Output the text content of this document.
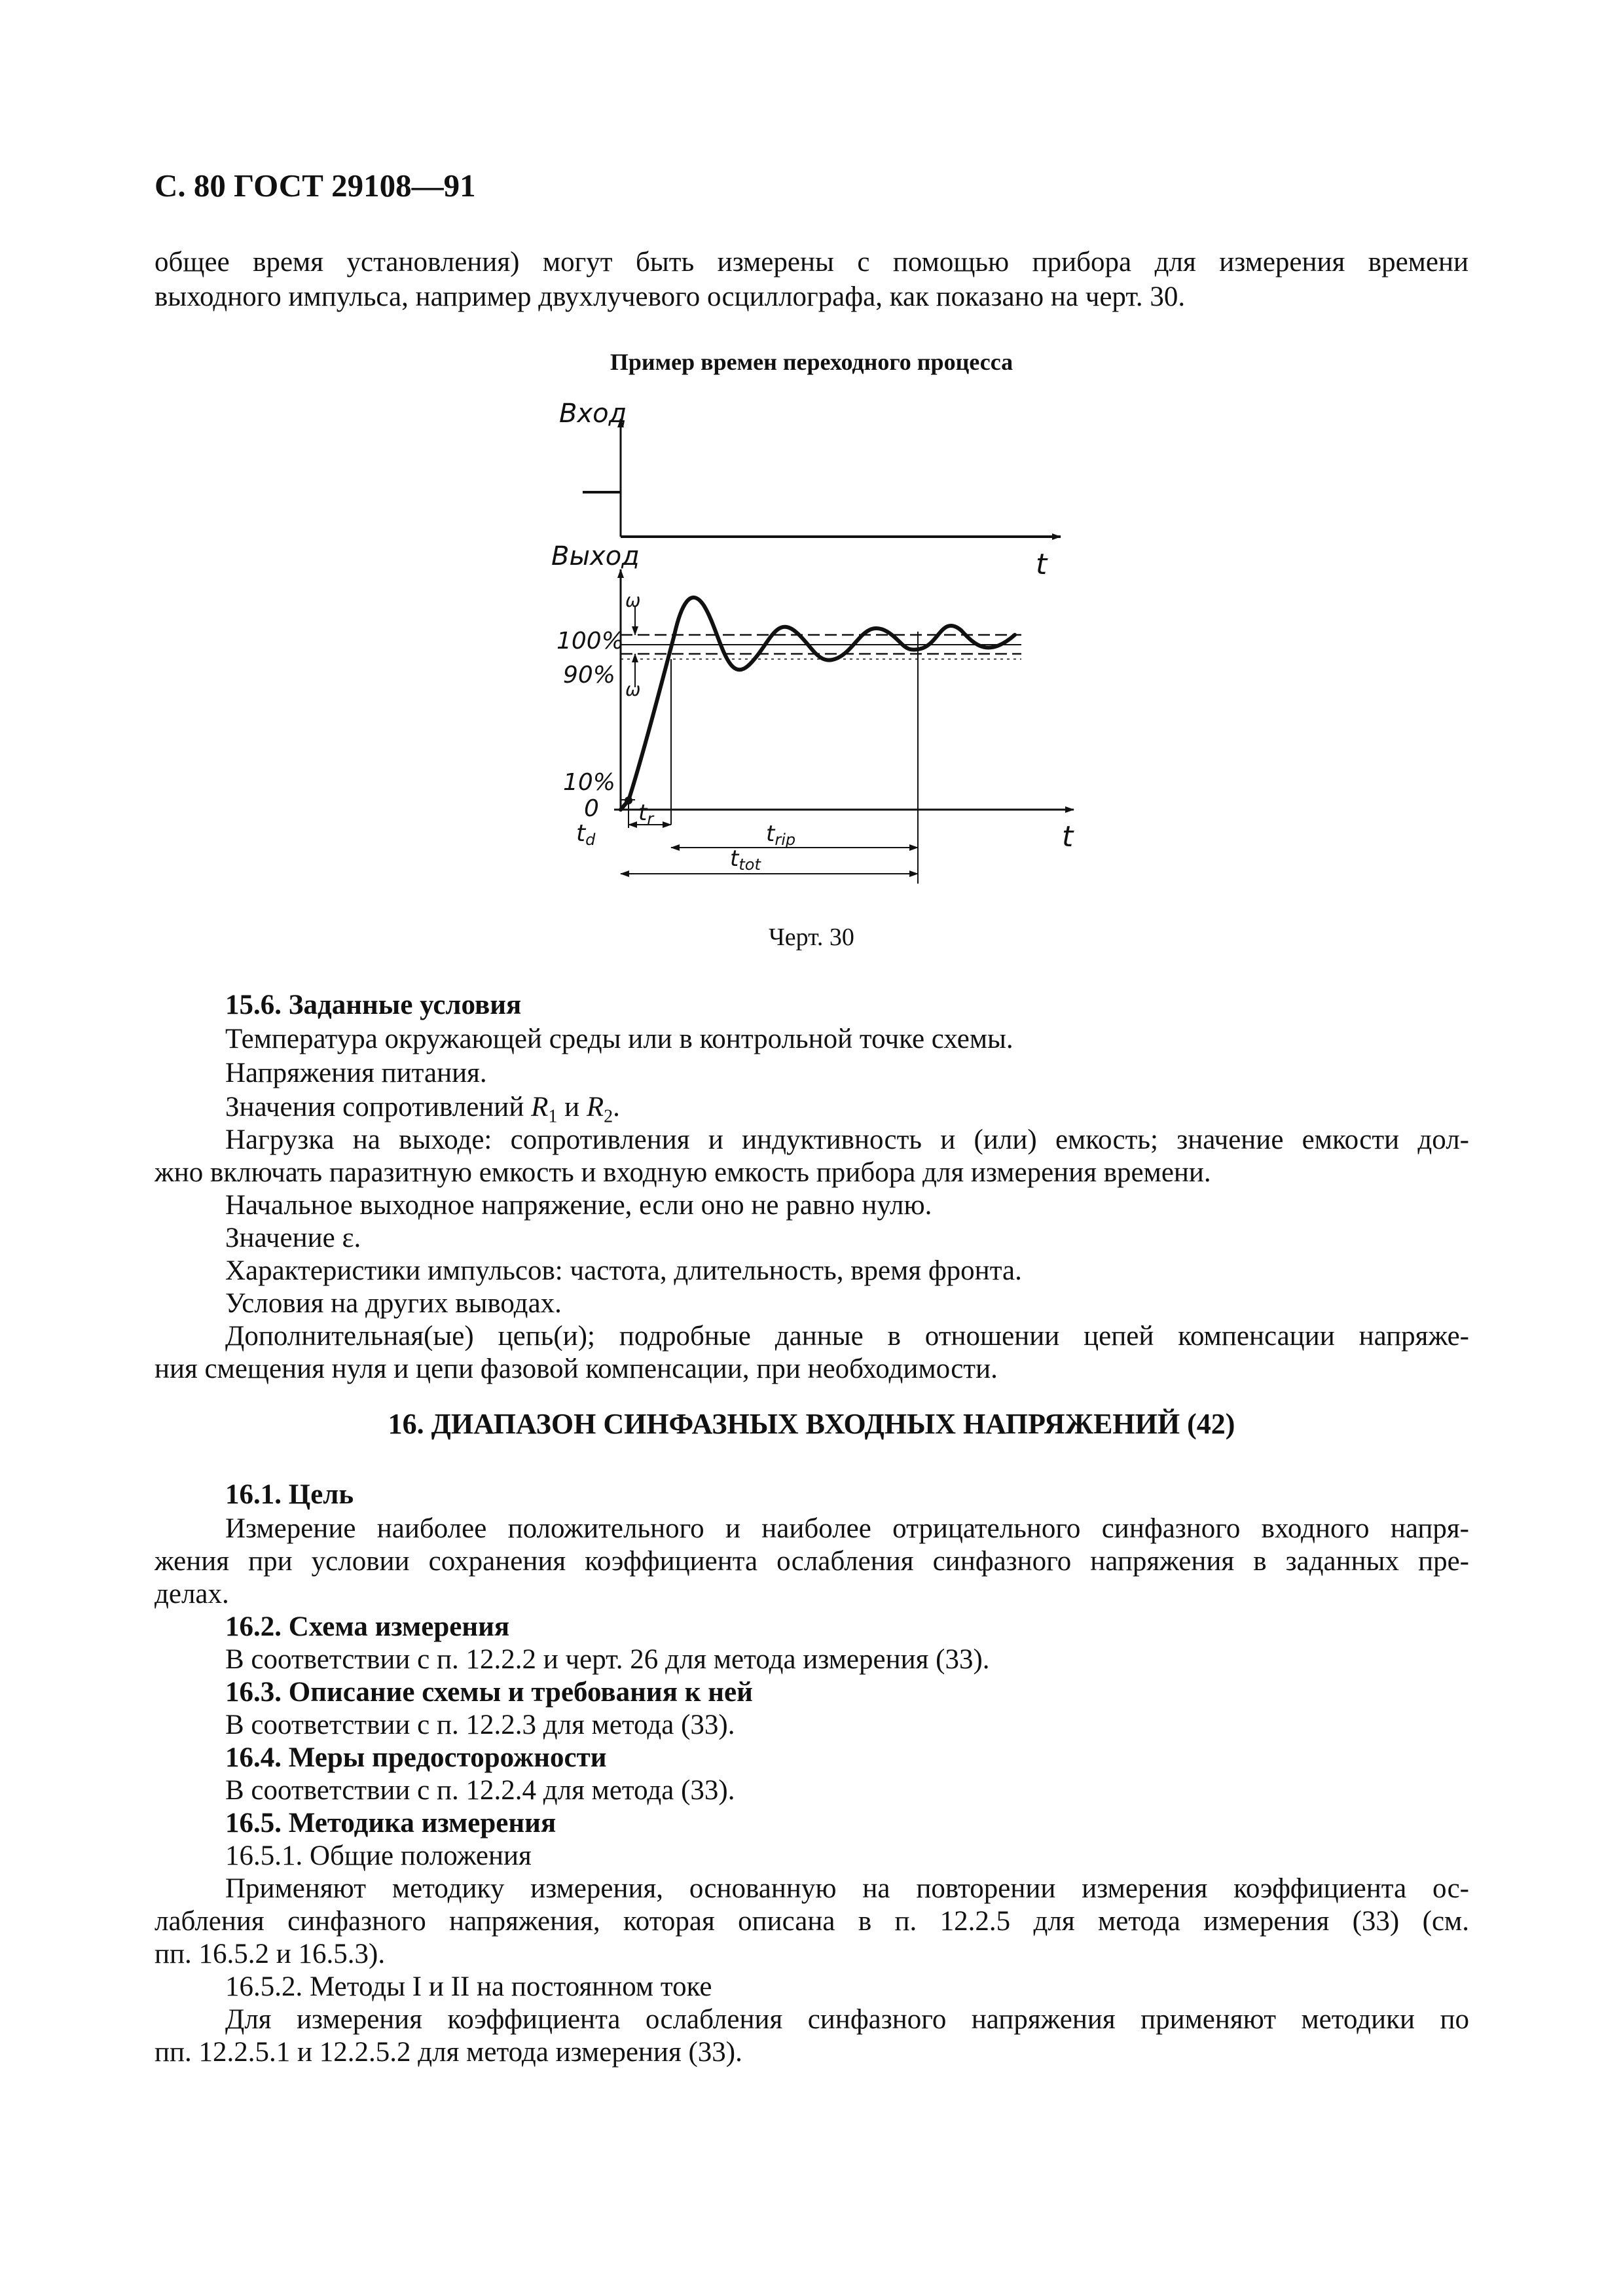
С. 80 ГОСТ 29108—91
общее время установления) могут быть измерены с помощью прибора для измерения времени
выходного импульса, например двухлучевого осциллографа, как показано на черт. 30.
Пример времен переходного процесса
Вход
Выход	t
t
ω
ω
100%
90%
10%
0
td
tr
trip
ttot
Черт. 30
15.6. Заданные условия
Температура окружающей среды или в контрольной точке схемы.
Напряжения питания.
Значения сопротивлений $R_1$ и $R_2$.
Нагрузка на выходе: сопротивления и индуктивность и (или) емкость; значение емкости дол-
жно включать паразитную емкость и входную емкость прибора для измерения времени.
Начальное выходное напряжение, если оно не равно нулю.
Значение ε.
Характеристики импульсов: частота, длительность, время фронта.
Условия на других выводах.
Дополнительная(ые) цепь(и); подробные данные в отношении цепей компенсации напряже-
ния смещения нуля и цепи фазовой компенсации, при необходимости.
16. ДИАПАЗОН СИНФАЗНЫХ ВХОДНЫХ НАПРЯЖЕНИЙ (42)
16.1. Цель
Измерение наиболее положительного и наиболее отрицательного синфазного входного напря-
жения при условии сохранения коэффициента ослабления синфазного напряжения в заданных пре-
делах.
16.2. Схема измерения
В соответствии с п. 12.2.2 и черт. 26 для метода измерения (33).
16.3. Описание схемы и требования к ней
В соответствии с п. 12.2.3 для метода (33).
16.4. Меры предосторожности
В соответствии с п. 12.2.4 для метода (33).
16.5. Методика измерения
16.5.1. Общие положения
Применяют методику измерения, основанную на повторении измерения коэффициента ос-
лабления синфазного напряжения, которая описана в п. 12.2.5 для метода измерения (33) (см.
пп. 16.5.2 и 16.5.3).
16.5.2. Методы I и II на постоянном токе
Для измерения коэффициента ослабления синфазного напряжения применяют методики по
пп. 12.2.5.1 и 12.2.5.2 для метода измерения (33).
